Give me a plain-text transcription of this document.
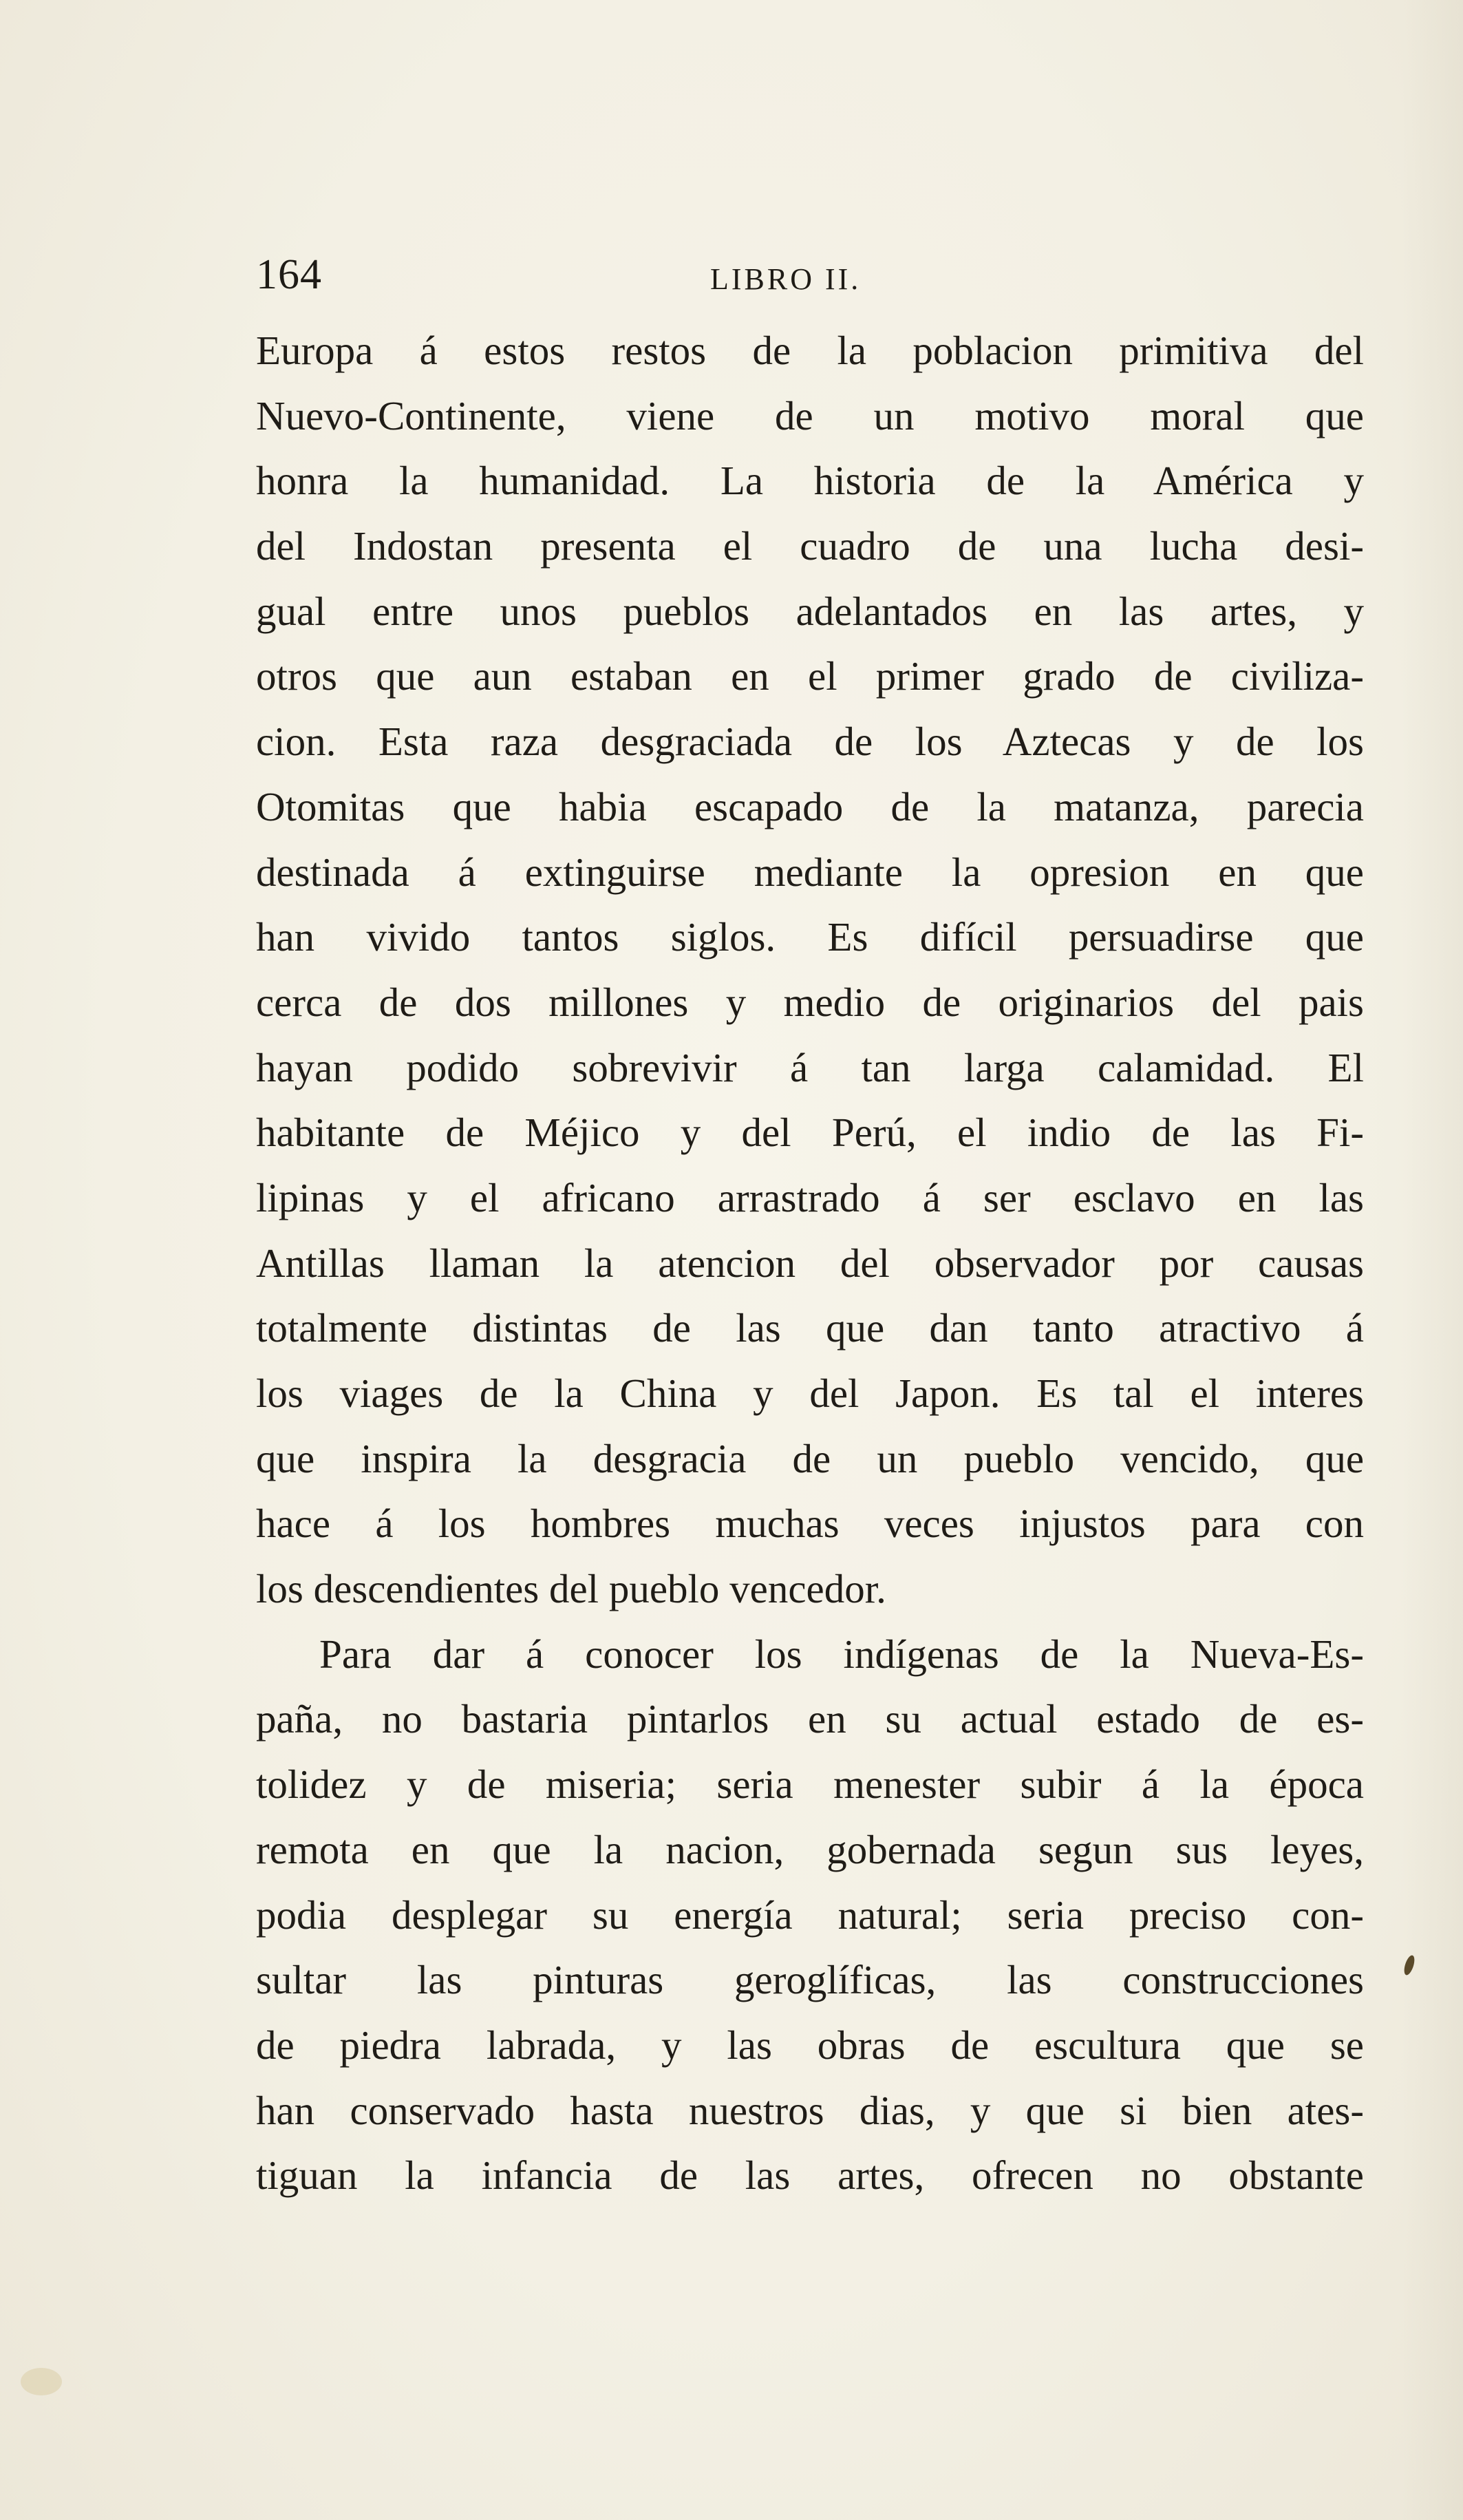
164	LIBRO II.
Europa á estos restos de la poblacion primitiva del
Nuevo-Continente, viene de un motivo moral que
honra la humanidad. La historia de la América y
del Indostan presenta el cuadro de una lucha desi-
gual entre unos pueblos adelantados en las artes, y
otros que aun estaban en el primer grado de civiliza-
cion. Esta raza desgraciada de los Aztecas y de los
Otomitas que habia escapado de la matanza, parecia
destinada á extinguirse mediante la opresion en que
han vivido tantos siglos. Es difícil persuadirse que
cerca de dos millones y medio de originarios del pais
hayan podido sobrevivir á tan larga calamidad. El
habitante de Méjico y del Perú, el indio de las Fi-
lipinas y el africano arrastrado á ser esclavo en las
Antillas llaman la atencion del observador por causas
totalmente distintas de las que dan tanto atractivo á
los viages de la China y del Japon. Es tal el interes
que inspira la desgracia de un pueblo vencido, que
hace á los hombres muchas veces injustos para con
los descendientes del pueblo vencedor.
Para dar á conocer los indígenas de la Nueva-Es-
paña, no bastaria pintarlos en su actual estado de es-
tolidez y de miseria; seria menester subir á la época
remota en que la nacion, gobernada segun sus leyes,
podia desplegar su energía natural; seria preciso con-
sultar las pinturas geroglíficas, las construcciones
de piedra labrada, y las obras de escultura que se
han conservado hasta nuestros dias, y que si bien ates-
tiguan la infancia de las artes, ofrecen no obstante
